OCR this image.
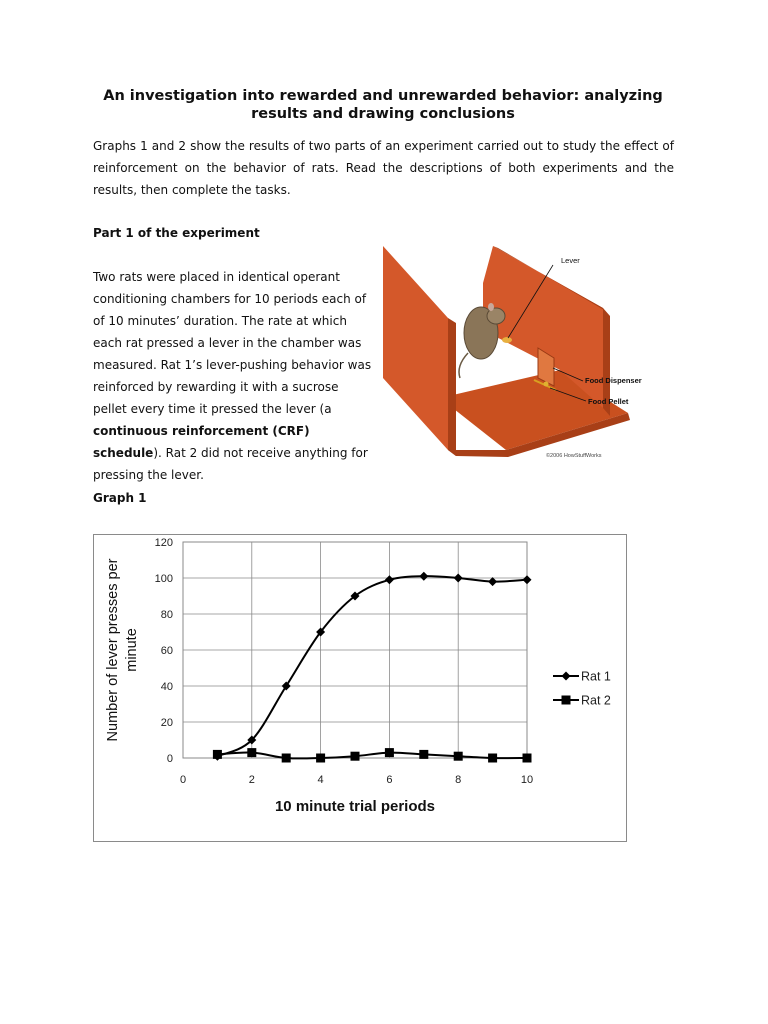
An investigation into rewarded and unrewarded behavior: analyzing results and drawing conclusions

Graphs 1 and 2 show the results of two parts of an experiment carried out to study the effect of reinforcement on the behavior of rats. Read the descriptions of both experiments and the results, then complete the tasks.

Part 1 of the experiment

Two rats were placed in identical operant conditioning chambers for 10 periods each of of 10 minutes’ duration. The rate at which each rat pressed a lever in the chamber was measured. Rat 1’s lever-pushing behavior was reinforced by rewarding it with a sucrose pellet every time it pressed the lever (a continuous reinforcement (CRF) schedule). Rat 2 did not receive anything for pressing the lever.

Lever
Food Dispenser
Food Pellet
©2006 HowStuffWorks
Graph 1
0
20
40
60
80
100
120
0	2	4	6	8	10
Rat 1
Rat 2
10 minute trial periods
Number of lever presses per minute
